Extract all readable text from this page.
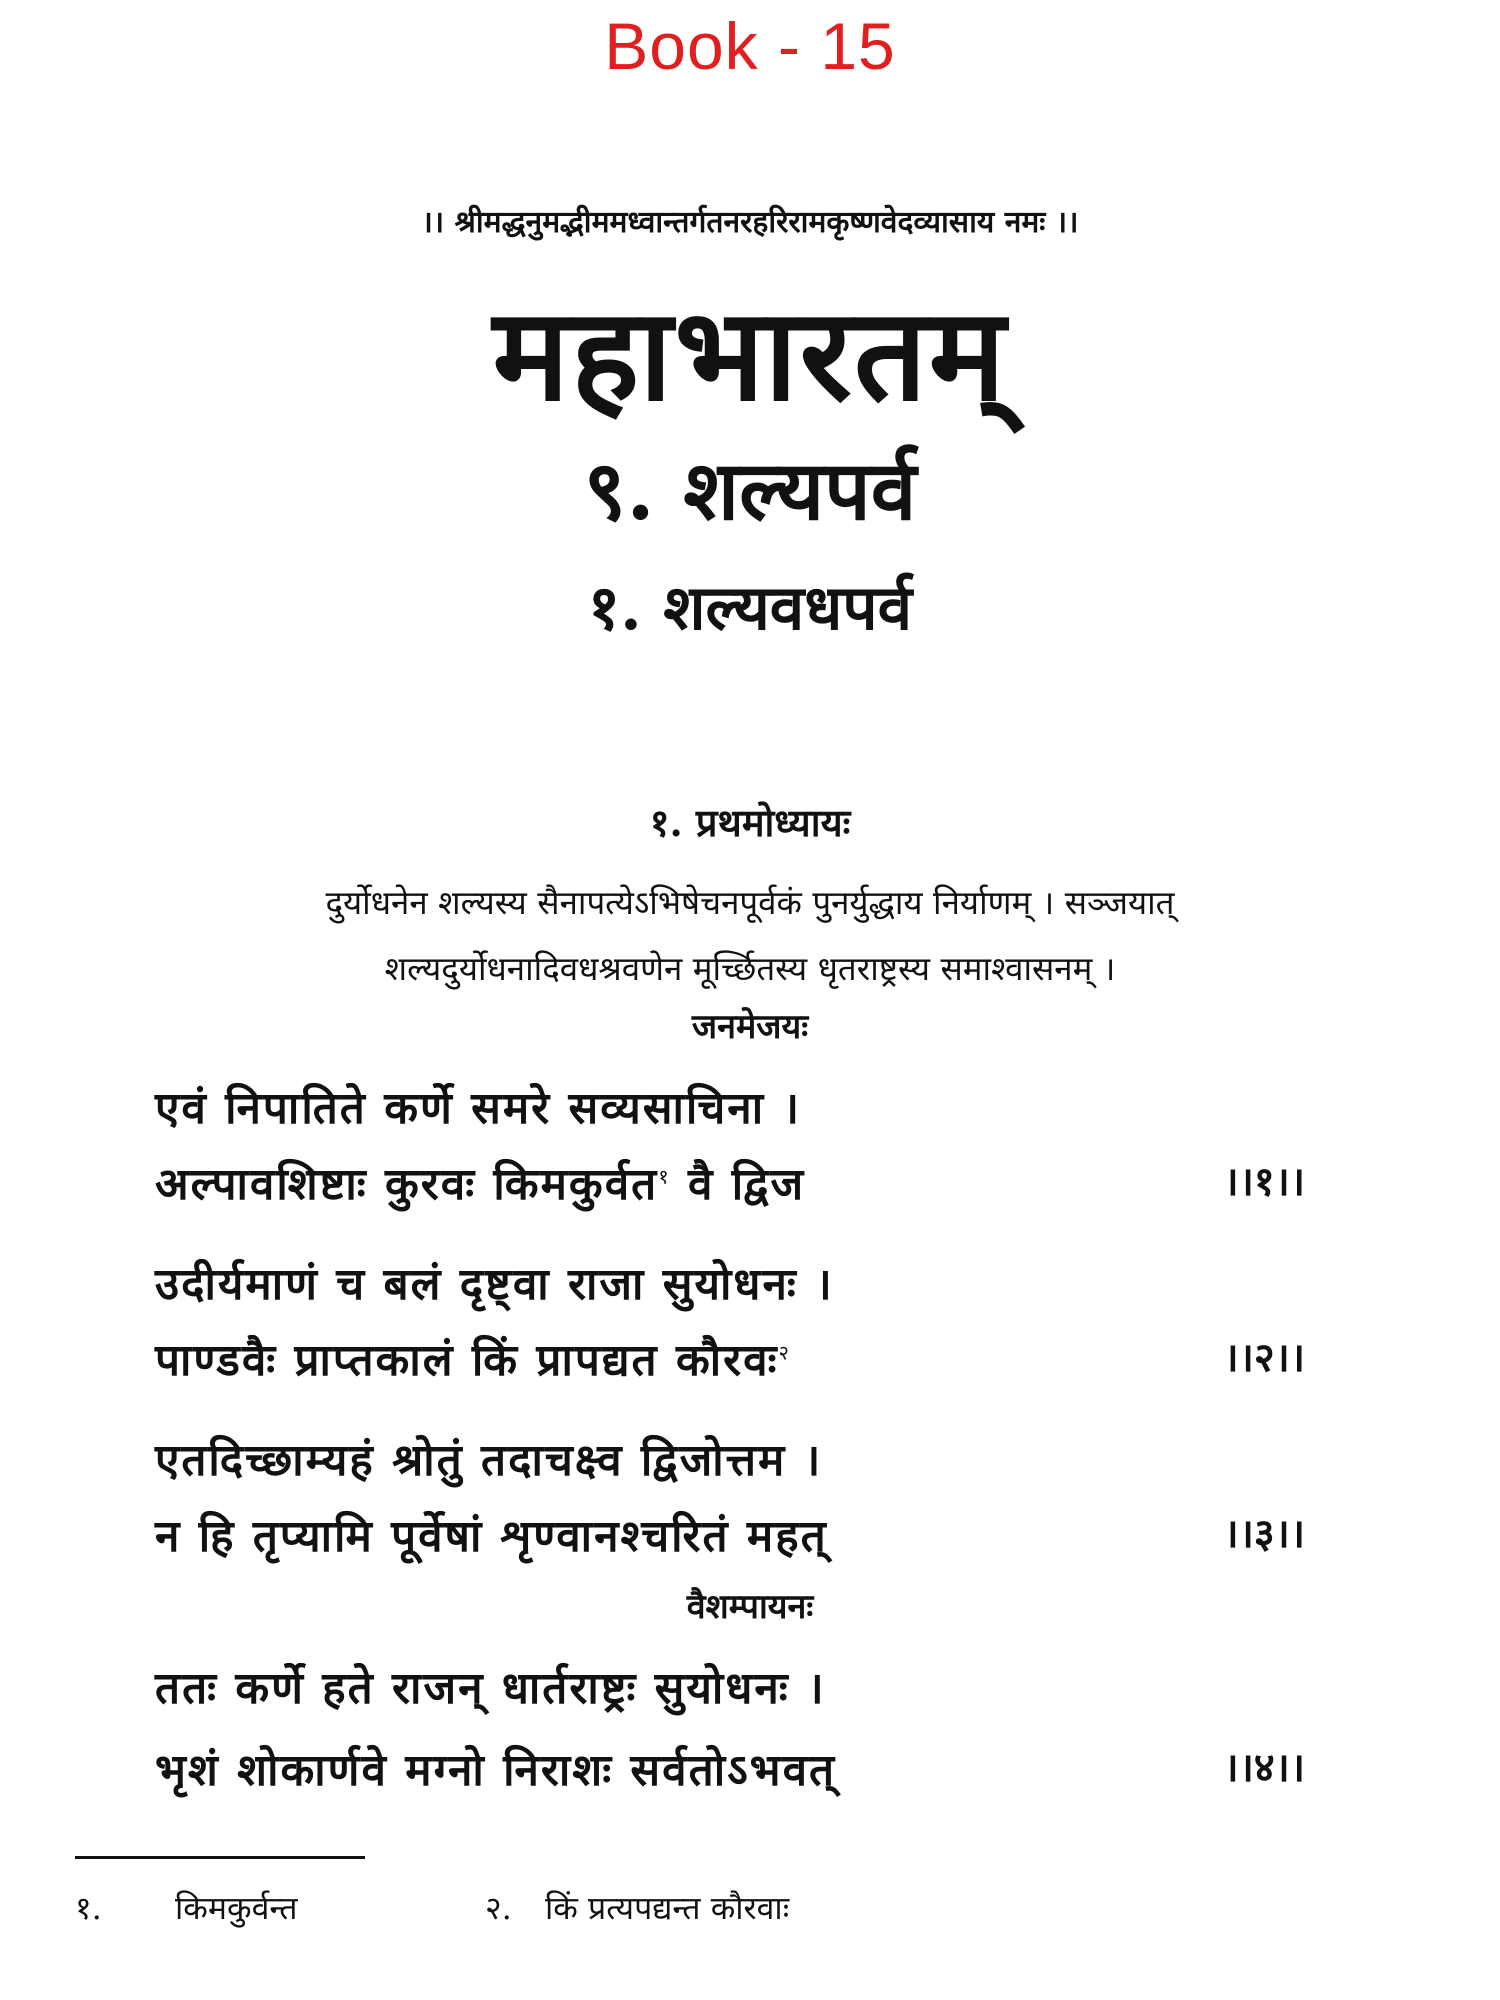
Book - 15
।। श्रीमद्धनुमद्भीममध्वान्तर्गतनरहरिरामकृष्णवेदव्यासाय नमः ।।
महाभारतम्
९. शल्यपर्व
१. शल्यवधपर्व
१. प्रथमोध्यायः
दुर्योधनेन शल्यस्य सैनापत्येऽभिषेचनपूर्वकं पुनर्युद्धाय निर्याणम् । सञ्जयात्
शल्यदुर्योधनादिवधश्रवणेन मूर्च्छितस्य धृतराष्ट्रस्य समाश्वासनम् ।
जनमेजयः
एवं निपातिते कर्णे समरे सव्यसाचिना ।
अल्पावशिष्टाः कुरवः किमकुर्वत$^१$ वै द्विज	।।१।।
उदीर्यमाणं च बलं दृष्ट्वा राजा सुयोधनः ।
पाण्डवैः प्राप्तकालं किं प्रापद्यत कौरवः$^२$	।।२।।
एतदिच्छाम्यहं श्रोतुं तदाचक्ष्व द्विजोत्तम ।
न हि तृप्यामि पूर्वेषां शृण्वानश्चरितं महत्	।।३।।
वैशम्पायनः
ततः कर्णे हते राजन् धार्तराष्ट्रः सुयोधनः ।
भृशं शोकार्णवे मग्नो निराशः सर्वतोऽभवत्	।।४।।
१. किमकुर्वन्त	२. किं प्रत्यपद्यन्त कौरवाः
